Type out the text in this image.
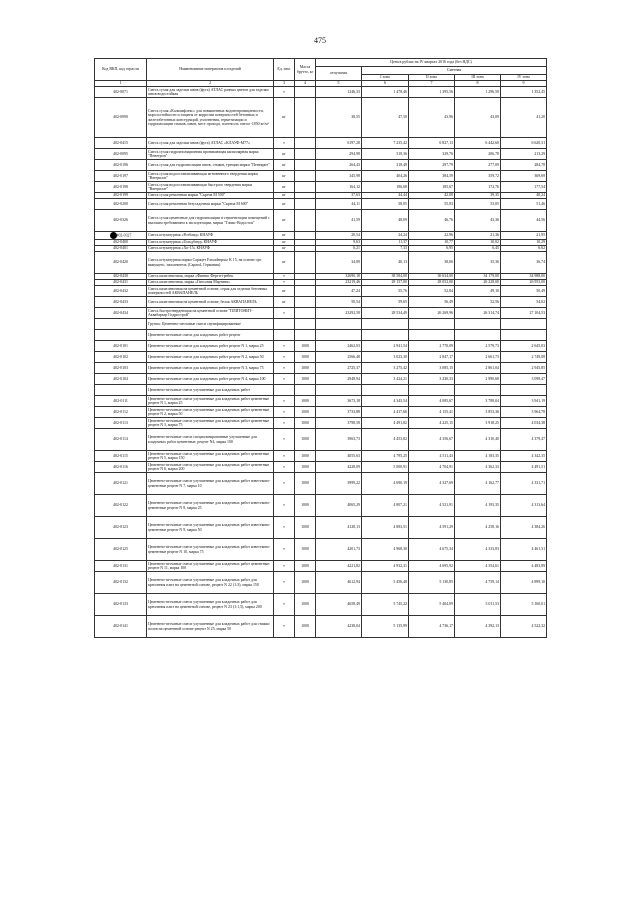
475
Код ВКП, код отрасли	Наименование материалов и изделий	Ед. изм.	Масса брутто, кг	Цена в рублях на IV квартал 2016 года (без НДС)				
				отпускная	Сметная			
					I зона	II зона	III зона	IV зона
1	2	3	4	5	6	7	8	9
402-0071	Смесь сухая для заделки швов (фуга) АТЛАС разных цветов для заделки швов водостойкая	т		1246,33	1 478,46	1 395,56	1 296,59	1 352,45
402-0090	Смесь сухая «Кальмафлекс» для повышенных водонепроницаемости, морозостойкости и защиты от коррозии поверхностей бетонных и железобетонных конструкций, уплотнения, герметизации и гидроизоляции стыков, швов, мест прохода, плотность смеси -1850 кг/м³	кг		38,55	47,50	43,96	43,09	41,20
402-0415	Смесь сухая для заделки швов (фуга) АТЛАС «КЛАУФ-М77»	т		6197,28	7 235,42	6 827,13	6 442,60	6 620,31
402-0095	Смесь сухая гидроизоляционная проникающая капиллярная марка "Пенетрон"	кг		294,98	318,36	329,76	206,78	213,29
402-0196	Смесь сухая для гидроизоляции швов, стыков, трещин марки "Пенекрит"	кг		264,43	318,49	297,79	277,09	284,78
402-0197	Смесь сухая водоостанавливающая мгновенного твердения марки "Ватерплаг"	кг		345,98	404,26	384,59	359,72	369,69
402-0198	Смесь сухая водоостанавливающая быстрого твердения марки "Ватерплаг"	кг		164,12	186,68	185,67	172,76	177,54
402-0199	Смесь сухая ремонтная марки "Скрепа М 500"	кг		37,63	44,44	42,08	39,35	40,24
402-0200	Смесь сухая ремонтная безусадочная марки "Скрепа М 600"	кг		44,11	58,05	55,83	53,05	51,46
402-0326	Смесь сухая цементные для гидроизоляции и герметизации помещений с высоким требованием к эксплуатации, марки "Глимс-Водостоп"	кг		41,59	48,09	46,76	43,36	44,56
402-0327	Смесь штукатурная «Ротбанд» КНАУФ	кг		20,54	24,24	22,96	21,36	21,95
402-0400	Смесь штукатурная «Гольдбанд» КНАУФ	кг		9,63	11,37	10,77	10,02	10,29
402-0401	Смесь штукатурная «Хп-15» КНАУФ	кг		6,21	7,33	6,95	6,45	6,62
402-0420	Смесь штукатурная марки Сарацет Fassadenputz K 15, на основе орг. вяжущего, заполнитель (Caparol, Германия)	кг		34,09	40,13	38,06	35,36	36,74
402-0430	Смесь шпатлевочная, марка «Финиш Ферти-грейн»	т		32690,18	38 584,00	36 634,00	34 179,00	34 988,00
402-0431	Смесь шпатлевочная, марка «Гипсовая Мартини»	т		23219,46	28 157,00	28 052,00	26 228,00	26 953,00
402-0432	Смесь шпатлевочная на цементной основе, серая для отделки бетонных поверхностей АКВАПАНЕЛЬ	кг		47,24	55,76	52,84	49,10	50,49
402-0433	Смесь шпатлевочная на цементной основе, белая АКВАПАНЕЛЬ	кг		50,54	59,65	56,49	52,56	54,02
402-0434	Смесь быстротвердеющая на цементной основе "ПЛИТОНИТ-Аквабарьер Гидрострой"	т		23292,58	28 534,49	26 269,96	26 314,74	27 104,53
	Группа: Цементно-песчаные смеси сертифицированные							
	Цементно-песчаные смеси для кладочных работ рецепт							
402-0101	Цементно-песчаные смеси для кладочных работ рецепт N 1, марка 25	т	1000	2462,03	2 941,54	2 770,09	2 579,73	2 645,03
402-0102	Цементно-песчаные смеси для кладочных работ рецепт N 2, марка 50	т	1000	2566,48	3 023,30	2 847,17	2 661,73	2 749,08
402-0103	Цементно-песчаные смеси для кладочных работ рецепт N 3, марка 75	т	1000	2725,37	3 275,42	3 085,15	2 861,04	2 945,85
402-0104	Цементно-песчаные смеси для кладочных работ рецепт N 4, марка 100	т	1000	2948,94	3 424,21	3 230,33	2 990,68	3 098,47
	Цементно-песчаные смеси улучшенные для кладочных работ							
402-0111	Цементно-песчаные смеси улучшенные для кладочных работ цементные рецепт N 1, марка 25	т	1000	3673,18	4 343,54	4 085,67	3 788,04	3 941,19
402-0112	Цементно-песчаные смеси улучшенные для кладочных работ цементные рецепт N 2, марка 50	т	1000	3733,88	4 417,66	4 155,41	3 853,36	3 964,78
402-0113	Цементно-песчаные смеси улучшенные для кладочных работ цементные рецепт N 3, марка 75	т	1000	3798,58	4 491,82	4 225,15	3 918,25	4 034,38
402-0114	Цементно-песчаные смеси специализированные улучшенные для кладочных работ цементные: рецепт N4, марка 100	т	1000	3963,73	4 453,82	4 356,67	4 310,40	4 379,47
402-0115	Цементно-песчаные смеси улучшенные для кладочных работ цементные рецепт N 5, марка 150	т	1000	4055,63	4 795,25	4 511,43	4 183,35	4 342,35
402-0116	Цементно-песчаные смеси улучшенные для кладочных работ цементные рецепт N 6, марка 200	т	1000	4228,09	5 000,91	4 704,91	4 362,33	4 491,51
402-0121	Цементно-песчаные смеси улучшенные для кладочных работ известково-цементные рецепт N 7, марка 10	т	1000	3999,22	4 690,19	4 327,69	4 162,77	4 331,71
402-0122	Цементно-песчаные смеси улучшенные для кладочных работ известково-цементные рецепт N 8, марка 25	т	1000	4065,29	4 807,21	4 521,91	4 193,35	4 313,64
402-0123	Цементно-песчаные смеси улучшенные для кладочных работ известково-цементные рецепт N 9, марка 50	т	1000	4128,13	4 883,51	4 591,29	4 258,16	4 384,26
402-0125	Цементно-песчаные смеси улучшенные для кладочных работ известково-цементные рецепт N 10, марка 75	т	1000	4201,73	4 968,30	4 675,34	4 333,83	4 461,31
402-0131	Цементно-песчаные смеси улучшенные для кладочных работ цементные: рецепт N 11, марка 100	т	1000	4221,82	4 932,31	4 695,92	4 354,61	4 483,89
402-0132	Цементно-песчаные смеси улучшенные для кладочных работ для крепления плит на цементной основе, рецепт N 22 (1:3), марка 150	т	1000	4612,94	5 456,48	5 130,85	4 759,14	4 899,10
402-0133	Цементно-песчаные смеси улучшенные для кладочных работ для крепления плит на цементной основе, рецепт N 23 (1:1,5), марка 200	т	1000	4658,49	5 745,22	5 404,09	5 011,53	5 160,01
402-0141	Цементно-песчаные смеси улучшенные для кладочных работ для стяжки полов на цементной основе рецепт N 25, марка 50	т	1000	4238,04	5 135,99	4 736,17	4 392,13	4 522,32
